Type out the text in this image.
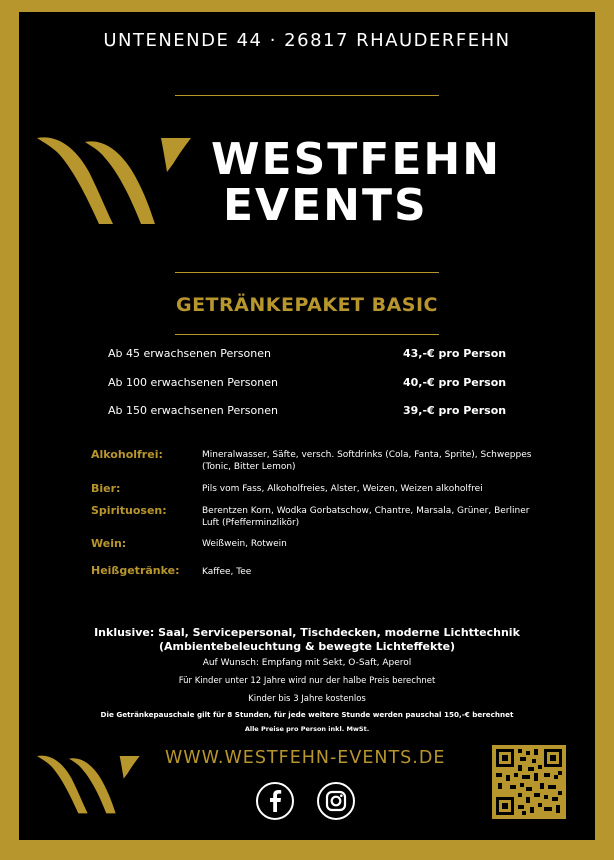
UNTENENDE 44 · 26817 RHAUDERFEHN
WESTFEHN
EVENTS
GETRÄNKEPAKET BASIC
Ab 45 erwachsenen Personen	43,-€ pro Person
Ab 100 erwachsenen Personen	40,-€ pro Person
Ab 150 erwachsenen Personen	39,-€ pro Person
Alkoholfrei:	Mineralwasser, Säfte, versch. Softdrinks (Cola, Fanta, Sprite), Schweppes (Tonic, Bitter Lemon)
Bier:	Pils vom Fass, Alkoholfreies, Alster, Weizen, Weizen alkoholfrei
Spirituosen:	Berentzen Korn, Wodka Gorbatschow, Chantre, Marsala, Grüner, Berliner Luft (Pfefferminzlikör)
Wein:	Weißwein, Rotwein
Heißgetränke:	Kaffee, Tee
Inklusive: Saal, Servicepersonal, Tischdecken, moderne Lichttechnik
(Ambientebeleuchtung & bewegte Lichteffekte)
Auf Wunsch: Empfang mit Sekt, O-Saft, Aperol
Für Kinder unter 12 Jahre wird nur der halbe Preis berechnet
Kinder bis 3 Jahre kostenlos
Die Getränkepauschale gilt für 8 Stunden, für jede weitere Stunde werden pauschal 150,-€ berechnet
Alle Preise pro Person inkl. MwSt.
WWW.WESTFEHN-EVENTS.DE
